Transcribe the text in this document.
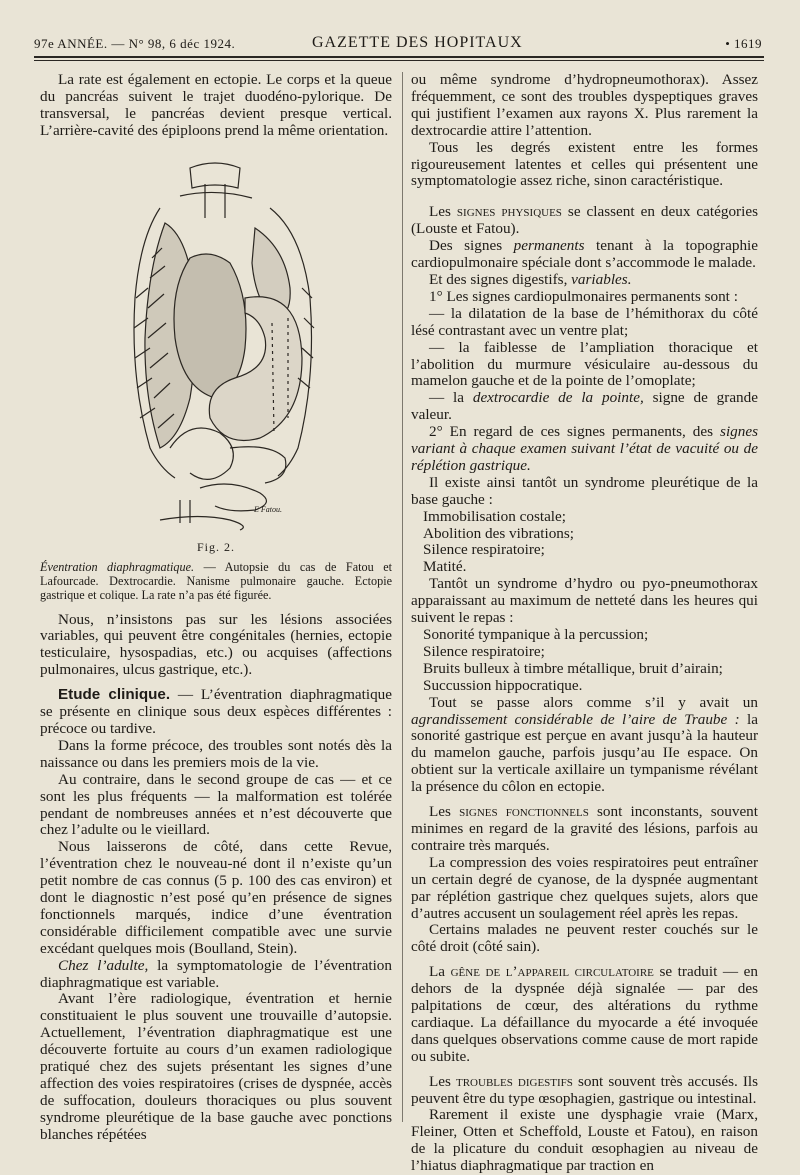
97e ANNÉE. — N° 98, 6 déc 1924.	GAZETTE DES HOPITAUX	• 1619

La rate est également en ectopie. Le corps et la queue du pancréas suivent le trajet duodéno-pylorique. De transversal, le pancréas devient presque vertical. L’arrière-cavité des épiploons prend la même orientation.

E Fatou.
Fig. 2.
Éventration diaphragmatique. — Autopsie du cas de Fatou et Lafourcade. Dextrocardie. Nanisme pulmonaire gauche. Ectopie gastrique et colique. La rate n’a pas été figurée.

Nous, n’insistons pas sur les lésions associées variables, qui peuvent être congénitales (hernies, ectopie testiculaire, hysospadias, etc.) ou acquises (affections pulmonaires, ulcus gastrique, etc.).

Etude clinique. — L’éventration diaphragmatique se présente en clinique sous deux espèces différentes : précoce ou tardive.

Dans la forme précoce, des troubles sont notés dès la naissance ou dans les premiers mois de la vie.

Au contraire, dans le second groupe de cas — et ce sont les plus fréquents — la malformation est tolérée pendant de nombreuses années et n’est découverte que chez l’adulte ou le vieillard.

Nous laisserons de côté, dans cette Revue, l’éventration chez le nouveau-né dont il n’existe qu’un petit nombre de cas connus (5 p. 100 des cas environ) et dont le diagnostic n’est posé qu’en présence de signes fonctionnels marqués, indice d’une éventration considérable difficilement compatible avec une survie excédant quelques mois (Boulland, Stein).

Chez l’adulte, la symptomatologie de l’éventration diaphragmatique est variable.

Avant l’ère radiologique, éventration et hernie constituaient le plus souvent une trouvaille d’autopsie. Actuellement, l’éventration diaphragmatique est une découverte fortuite au cours d’un examen radiologique pratiqué chez des sujets présentant les signes d’une affection des voies respiratoires (crises de dyspnée, accès de suffocation, douleurs thoraciques ou plus souvent syndrome pleurétique de la base gauche avec ponctions blanches répétées

ou même syndrome d’hydropneumothorax). Assez fréquemment, ce sont des troubles dyspeptiques graves qui justifient l’examen aux rayons X. Plus rarement la dextrocardie attire l’attention.

Tous les degrés existent entre les formes rigoureusement latentes et celles qui présentent une symptomatologie assez riche, sinon caractéristique.

Les signes physiques se classent en deux catégories (Louste et Fatou).

Des signes permanents tenant à la topographie cardiopulmonaire spéciale dont s’accommode le malade.

Et des signes digestifs, variables.

1° Les signes cardiopulmonaires permanents sont :

— la dilatation de la base de l’hémithorax du côté lésé contrastant avec un ventre plat;

— la faiblesse de l’ampliation thoracique et l’abolition du murmure vésiculaire au-dessous du mamelon gauche et de la pointe de l’omoplate;

— la dextrocardie de la pointe, signe de grande valeur.

2° En regard de ces signes permanents, des signes variant à chaque examen suivant l’état de vacuité ou de réplétion gastrique.

Il existe ainsi tantôt un syndrome pleurétique de la base gauche :

Immobilisation costale;

Abolition des vibrations;

Silence respiratoire;

Matité.

Tantôt un syndrome d’hydro ou pyo-pneumothorax apparaissant au maximum de netteté dans les heures qui suivent le repas :

Sonorité tympanique à la percussion;

Silence respiratoire;

Bruits bulleux à timbre métallique, bruit d’airain;

Succussion hippocratique.

Tout se passe alors comme s’il y avait un agrandissement considérable de l’aire de Traube : la sonorité gastrique est perçue en avant jusqu’à la hauteur du mamelon gauche, parfois jusqu’au IIe espace. On obtient sur la verticale axillaire un tympanisme révélant la présence du côlon en ectopie.

Les signes fonctionnels sont inconstants, souvent minimes en regard de la gravité des lésions, parfois au contraire très marqués.

La compression des voies respiratoires peut entraîner un certain degré de cyanose, de la dyspnée augmentant par réplétion gastrique chez quelques sujets, alors que d’autres accusent un soulagement réel après les repas.

Certains malades ne peuvent rester couchés sur le côté droit (côté sain).

La gêne de l’appareil circulatoire se traduit — en dehors de la dyspnée déjà signalée — par des palpitations de cœur, des altérations du rythme cardiaque. La défaillance du myocarde a été invoquée dans quelques observations comme cause de mort rapide ou subite.

Les troubles digestifs sont souvent très accusés. Ils peuvent être du type œsophagien, gastrique ou intestinal.

Rarement il existe une dysphagie vraie (Marx, Fleiner, Otten et Scheffold, Louste et Fatou), en raison de la plicature du conduit œsophagien au niveau de l’hiatus diaphragmatique par traction en
